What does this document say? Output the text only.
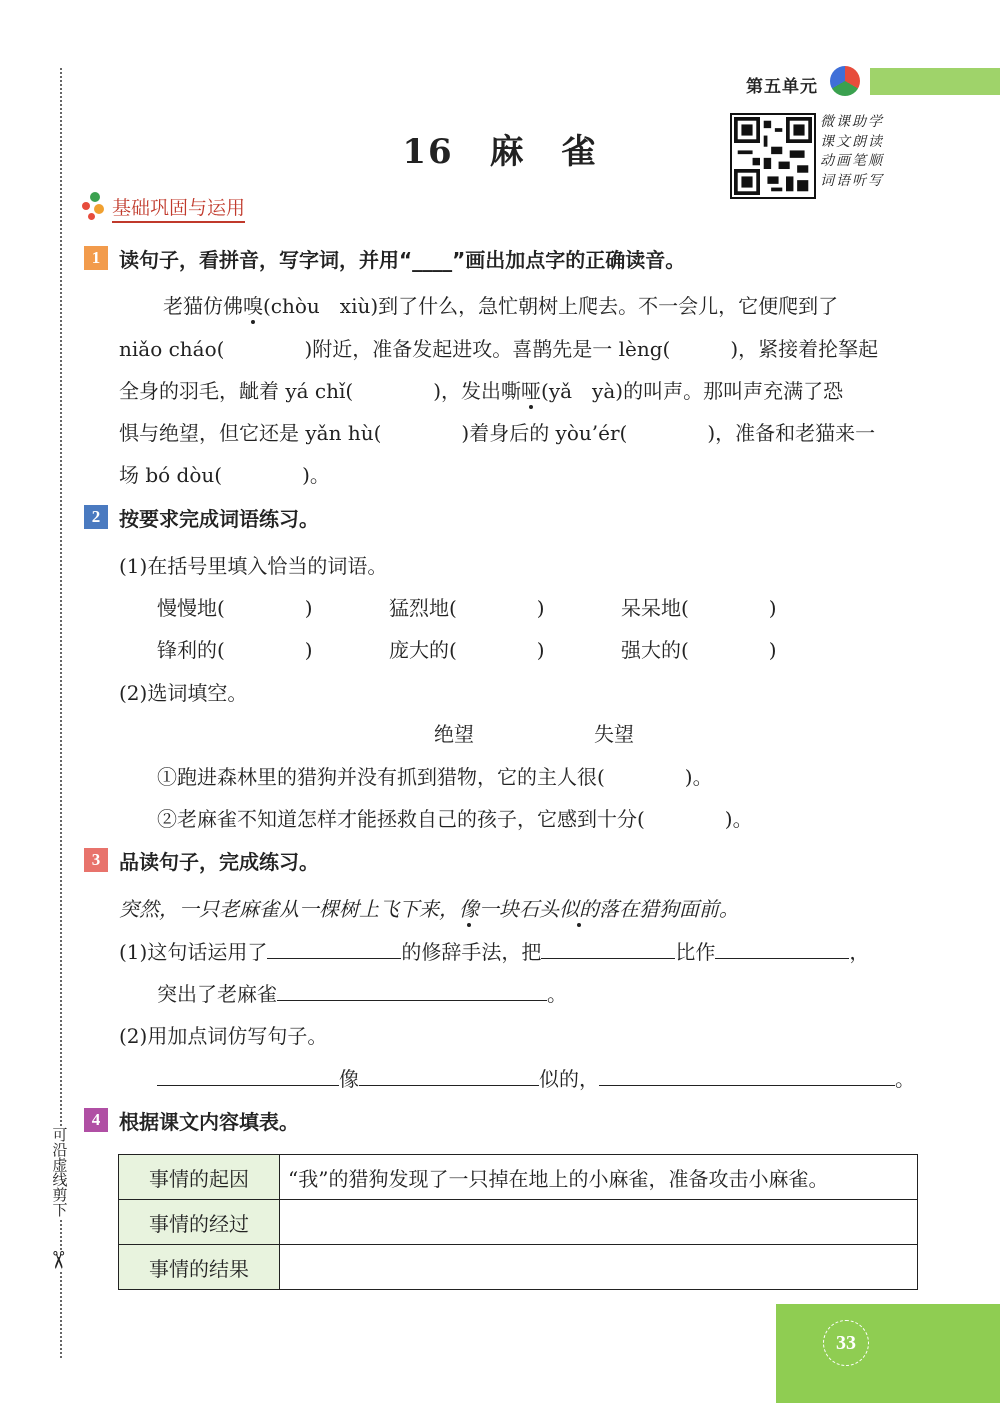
可沿虚线剪下
✂
第五单元
16　麻　雀
微课助学
课文朗读
动画笔顺
词语听写
基础巩固与运用
1 读句子，看拼音，写字词，并用“____”画出加点字的正确读音。
老猫仿佛嗅(chòu　xiù)到了什么，急忙朝树上爬去。不一会儿，它便爬到了
niǎo cháo(　　　　	)附近，准备发起进攻。喜鹊先是一 lèng(　　　	)，紧接着抡拏起
全身的羽毛，龇着 yá chǐ(　　　　	)，发出嘶哑(yǎ　yà)的叫声。那叫声充满了恐
惧与绝望，但它还是 yǎn hù(　　　　	)着身后的 yòu’ér(　　　　	)，准备和老猫来一
场 bó dòu(　　　　	)。
2 按要求完成词语练习。
(1)在括号里填入恰当的词语。
慢慢地(　　　　)	猛烈地(　　　　)	呆呆地(　　　　)
锋利的(　　　　)	庞大的(　　　　)	强大的(　　　　)
(2)选词填空。
绝望	失望
①跑进森林里的猎狗并没有抓到猎物，它的主人很(　　　　)。
②老麻雀不知道怎样才能拯救自己的孩子，它感到十分(　　　　)。
3 品读句子，完成练习。
突然，一只老麻雀从一棵树上飞下来，像一块石头似的落在猎狗面前。
(1)这句话运用了	的修辞手法，把	比作	，
突出了老麻雀	。
(2)用加点词仿写句子。
像	似的，	。
4 根据课文内容填表。
事情的起因	“我”的猎狗发现了一只掉在地上的小麻雀，准备攻击小麻雀。
事情的经过	
事情的结果	
33
